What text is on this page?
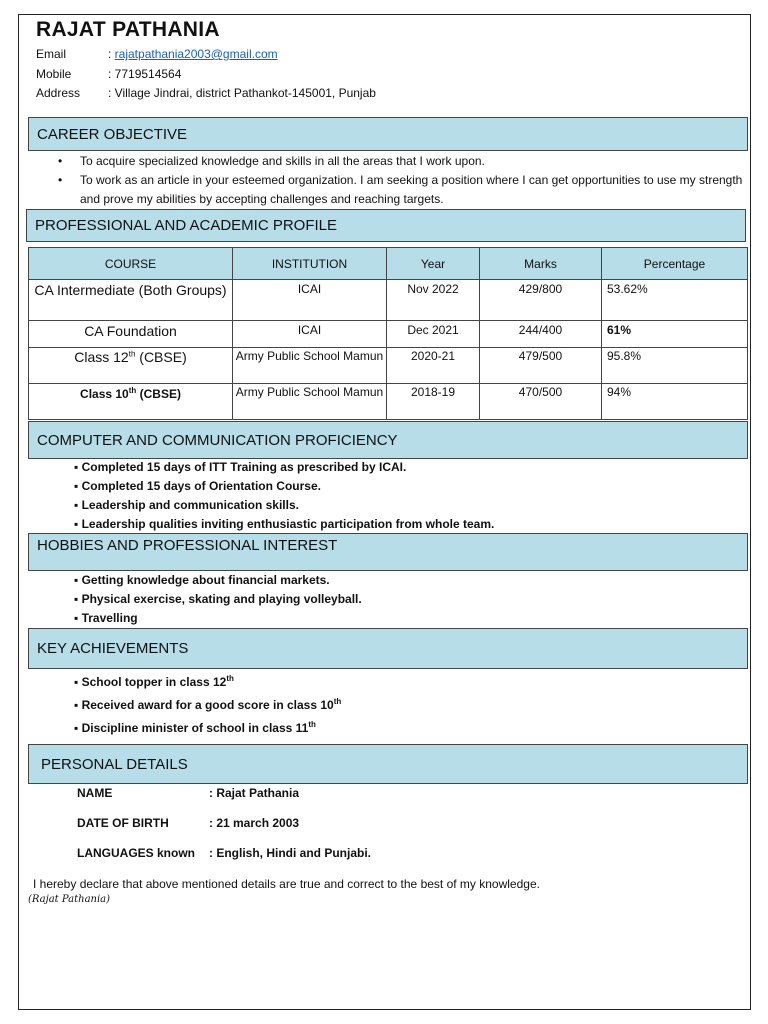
RAJAT PATHANIA
Email	: rajatpathania2003@gmail.com
Mobile	: 7719514564
Address : Village Jindrai, district Pathankot-145001, Punjab
CAREER OBJECTIVE
• To acquire specialized knowledge and skills in all the areas that I work upon.
• To work as an article in your esteemed organization. I am seeking a position where I can get opportunities to use my strength and prove my abilities by accepting challenges and reaching targets.
PROFESSIONAL AND ACADEMIC PROFILE
COURSE	INSTITUTION	Year	Marks	Percentage
CA Intermediate (Both Groups)	ICAI	Nov 2022	429/800	53.62%
CA Foundation	ICAI	Dec 2021	244/400	61%
Class 12th (CBSE)	Army Public School Mamun	2020-21	479/500	95.8%
Class 10th (CBSE)	Army Public School Mamun	2018-19	470/500	94%
COMPUTER AND COMMUNICATION PROFICIENCY
▪ Completed 15 days of ITT Training as prescribed by ICAI.
▪ Completed 15 days of Orientation Course.
▪ Leadership and communication skills.
▪ Leadership qualities inviting enthusiastic participation from whole team.
HOBBIES AND PROFESSIONAL INTEREST
▪ Getting knowledge about financial markets.
▪ Physical exercise, skating and playing volleyball.
▪ Travelling
KEY ACHIEVEMENTS
▪ School topper in class 12th
▪ Received award for a good score in class 10th
▪ Discipline minister of school in class 11th
▪
PERSONAL DETAILS
NAME	: Rajat Pathania
DATE OF BIRTH	: 21 march 2003
LANGUAGES known : English, Hindi and Punjabi.
I hereby declare that above mentioned details are true and correct to the best of my knowledge.
(Rajat Pathania)
